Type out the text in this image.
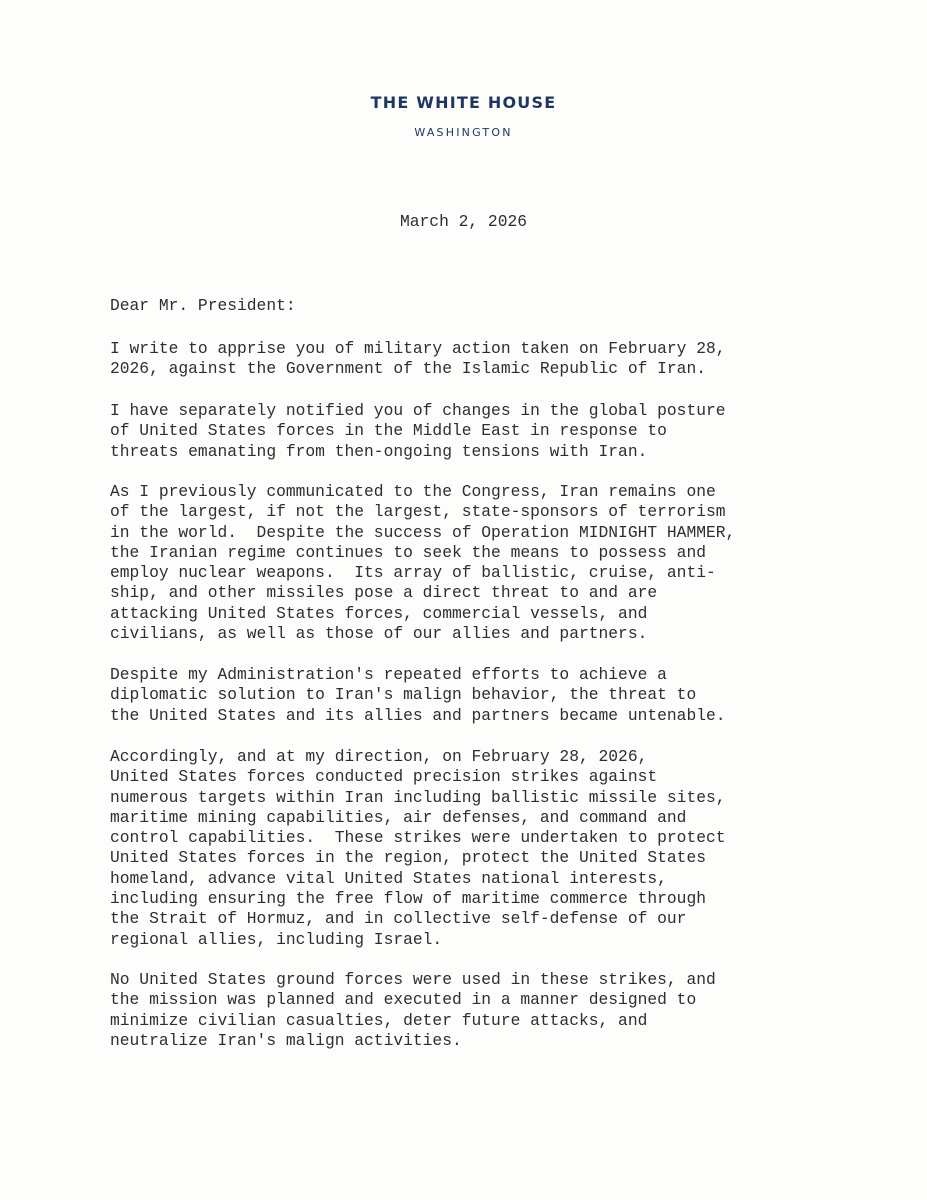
THE WHITE HOUSE
WASHINGTON
March 2, 2026
Dear Mr. President:
I write to apprise you of military action taken on February 28,
2026, against the Government of the Islamic Republic of Iran.
I have separately notified you of changes in the global posture
of United States forces in the Middle East in response to
threats emanating from then-ongoing tensions with Iran.
As I previously communicated to the Congress, Iran remains one
of the largest, if not the largest, state-sponsors of terrorism
in the world.  Despite the success of Operation MIDNIGHT HAMMER,
the Iranian regime continues to seek the means to possess and
employ nuclear weapons.  Its array of ballistic, cruise, anti-
ship, and other missiles pose a direct threat to and are
attacking United States forces, commercial vessels, and
civilians, as well as those of our allies and partners.
Despite my Administration's repeated efforts to achieve a
diplomatic solution to Iran's malign behavior, the threat to
the United States and its allies and partners became untenable.
Accordingly, and at my direction, on February 28, 2026,
United States forces conducted precision strikes against
numerous targets within Iran including ballistic missile sites,
maritime mining capabilities, air defenses, and command and
control capabilities.  These strikes were undertaken to protect
United States forces in the region, protect the United States
homeland, advance vital United States national interests,
including ensuring the free flow of maritime commerce through
the Strait of Hormuz, and in collective self-defense of our
regional allies, including Israel.
No United States ground forces were used in these strikes, and
the mission was planned and executed in a manner designed to
minimize civilian casualties, deter future attacks, and
neutralize Iran's malign activities.
